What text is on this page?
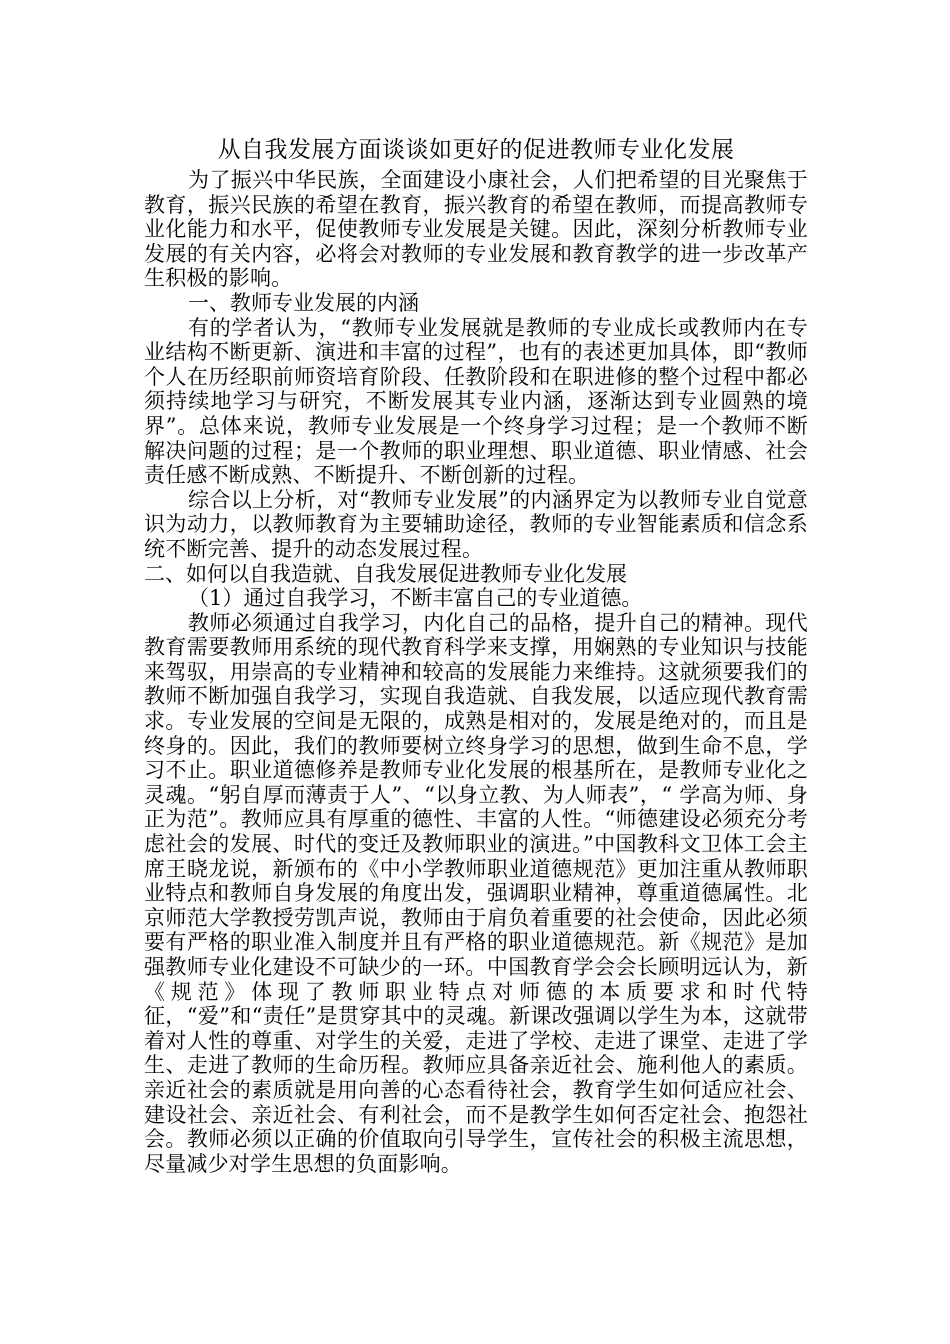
从自我发展方面谈谈如更好的促进教师专业化发展

为了振兴中华民族，全面建设小康社会，人们把希望的目光聚焦于教育，振兴民族的希望在教育，振兴教育的希望在教师，而提高教师专业化能力和水平，促使教师专业发展是关键。因此，深刻分析教师专业发展的有关内容，必将会对教师的专业发展和教育教学的进一步改革产生积极的影响。

一、教师专业发展的内涵

有的学者认为，“教师专业发展就是教师的专业成长或教师内在专业结构不断更新、演进和丰富的过程”，也有的表述更加具体，即“教师个人在历经职前师资培育阶段、任教阶段和在职进修的整个过程中都必须持续地学习与研究，不断发展其专业内涵，逐渐达到专业圆熟的境界”。总体来说，教师专业发展是一个终身学习过程；是一个教师不断解决问题的过程；是一个教师的职业理想、职业道德、职业情感、社会责任感不断成熟、不断提升、不断创新的过程。

综合以上分析，对“教师专业发展”的内涵界定为以教师专业自觉意识为动力，以教师教育为主要辅助途径，教师的专业智能素质和信念系统不断完善、提升的动态发展过程。

二、如何以自我造就、自我发展促进教师专业化发展

（1）通过自我学习，不断丰富自己的专业道德。

教师必须通过自我学习，内化自己的品格，提升自己的精神。现代教育需要教师用系统的现代教育科学来支撑，用娴熟的专业知识与技能来驾驭，用崇高的专业精神和较高的发展能力来维持。这就须要我们的教师不断加强自我学习，实现自我造就、自我发展，以适应现代教育需求。专业发展的空间是无限的，成熟是相对的，发展是绝对的，而且是终身的。因此，我们的教师要树立终身学习的思想，做到生命不息，学习不止。职业道德修养是教师专业化发展的根基所在，是教师专业化之灵魂。“躬自厚而薄责于人”、“以身立教、为人师表”，“ 学高为师、身正为范”。教师应具有厚重的德性、丰富的人性。“师德建设必须充分考虑社会的发展、时代的变迁及教师职业的演进。”中国教科文卫体工会主席王晓龙说，新颁布的《中小学教师职业道德规范》更加注重从教师职业特点和教师自身发展的角度出发，强调职业精神，尊重道德属性。北京师范大学教授劳凯声说，教师由于肩负着重要的社会使命，因此必须要有严格的职业准入制度并且有严格的职业道德规范。新《规范》是加强教师专业化建设不可缺少的一环。中国教育学会会长顾明远认为，新《规范》体现了教师职业特点对师德的本质要求和时代特征，“爱”和“责任”是贯穿其中的灵魂。新课改强调以学生为本，这就带着对人性的尊重、对学生的关爱，走进了学校、走进了课堂、走进了学生、走进了教师的生命历程。教师应具备亲近社会、施利他人的素质。亲近社会的素质就是用向善的心态看待社会，教育学生如何适应社会、建设社会、亲近社会、有利社会，而不是教学生如何否定社会、抱怨社会。教师必须以正确的价值取向引导学生，宣传社会的积极主流思想，尽量减少对学生思想的负面影响。
